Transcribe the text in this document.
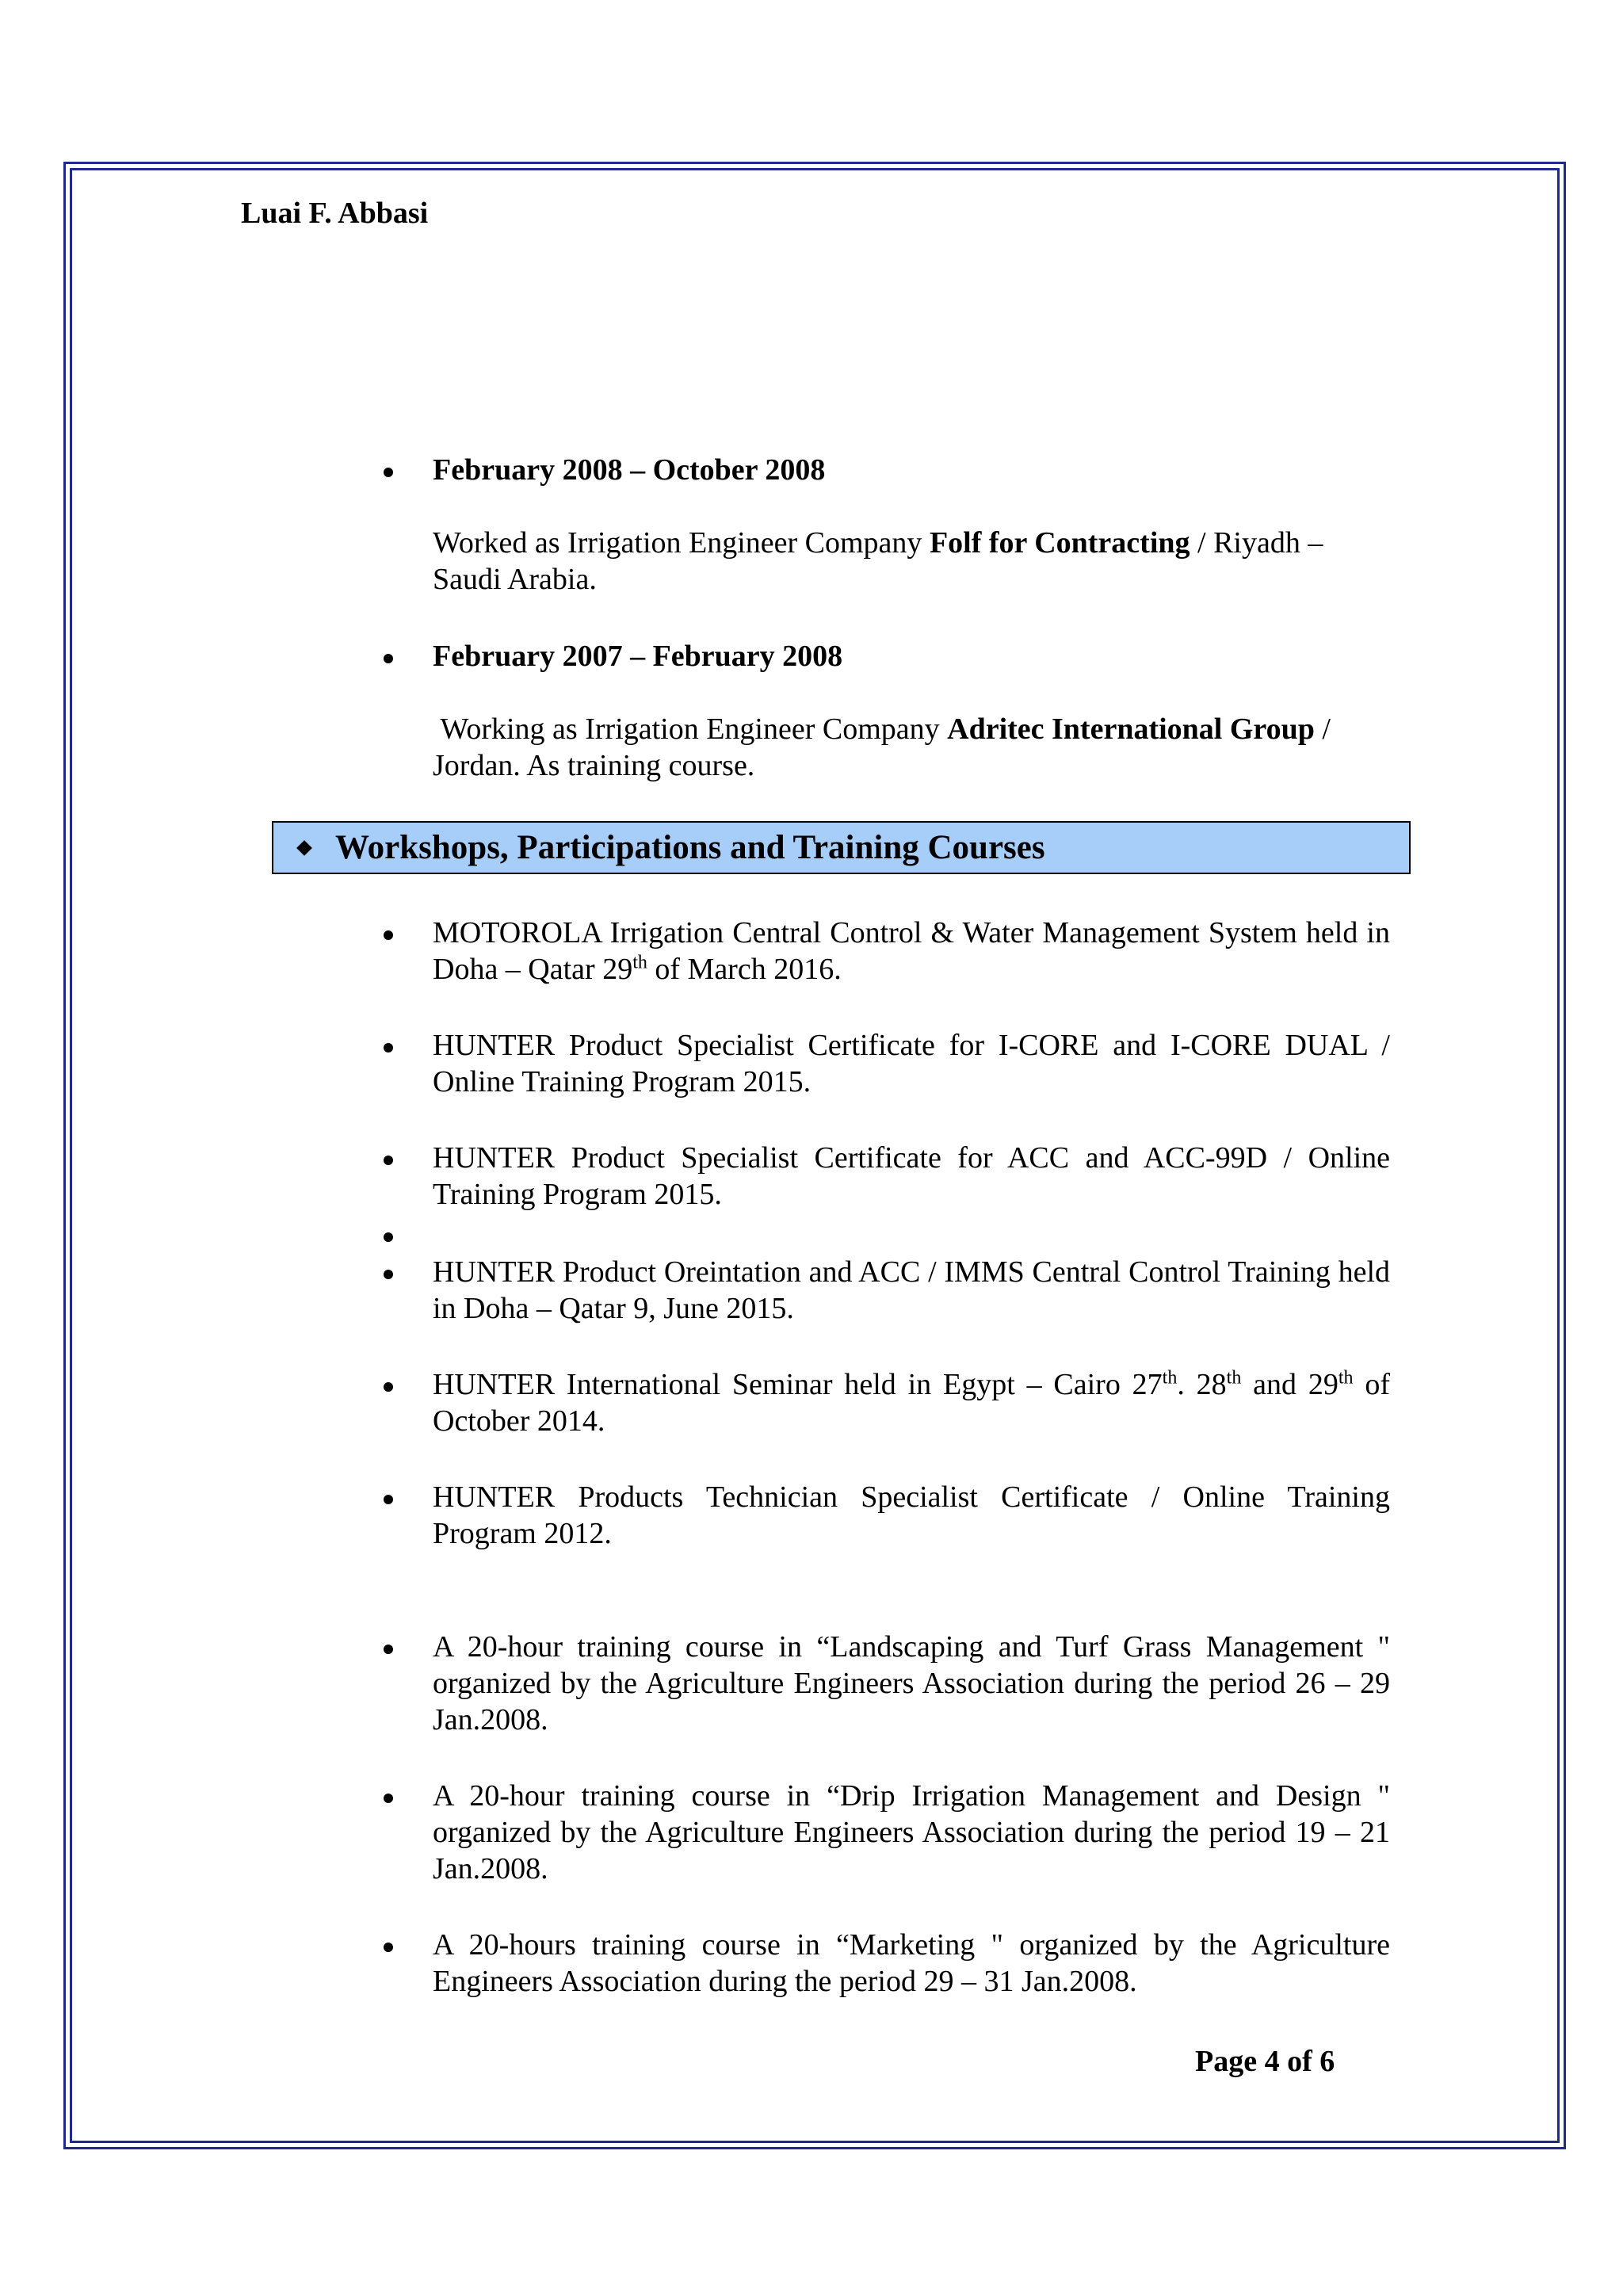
Luai F. Abbasi
February 2008 – October 2008
Worked as Irrigation Engineer Company Folf for Contracting / Riyadh – Saudi Arabia.
February 2007 – February 2008
Working as Irrigation Engineer Company Adritec International Group / Jordan. As training course.
Workshops, Participations and Training Courses
MOTOROLA Irrigation Central Control & Water Management System held in Doha – Qatar 29th of March 2016.
HUNTER Product Specialist Certificate for I-CORE and I-CORE DUAL / Online Training Program 2015.
HUNTER Product Specialist Certificate for ACC and ACC-99D / Online Training Program 2015.
HUNTER Product Oreintation and ACC / IMMS Central Control Training held in Doha – Qatar 9, June 2015.
HUNTER International Seminar held in Egypt – Cairo 27th. 28th and 29th of October 2014.
HUNTER Products Technician Specialist Certificate / Online Training Program 2012.
A 20-hour training course in “Landscaping and Turf Grass Management " organized by the Agriculture Engineers Association during the period 26 – 29 Jan.2008.
A 20-hour training course in “Drip Irrigation Management and Design " organized by the Agriculture Engineers Association during the period 19 – 21 Jan.2008.
A 20-hours training course in “Marketing " organized by the Agriculture Engineers Association during the period 29 – 31 Jan.2008.
Page 4 of 6
